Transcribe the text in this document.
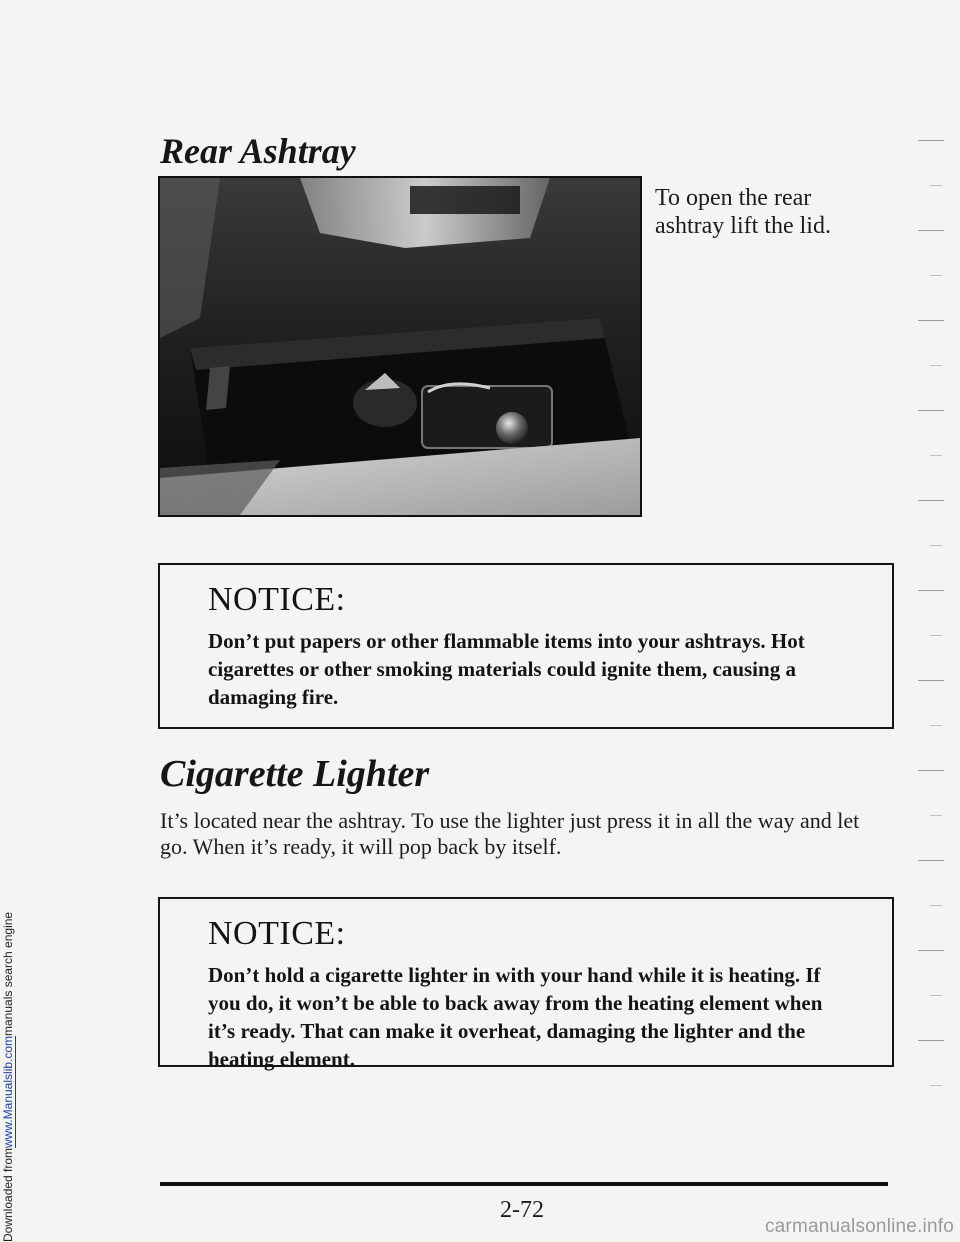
Downloaded from
www.Manualslib.com
manuals search engine
Rear Ashtray
To open the rear ashtray lift the lid.
NOTICE:

Don’t put papers or other flammable items into your ashtrays. Hot cigarettes or other smoking materials could ignite them, causing a damaging fire.

Cigarette Lighter

It’s located near the ashtray. To use the lighter just press it in all the way and let go. When it’s ready, it will pop back by itself.

NOTICE:

Don’t hold a cigarette lighter in with your hand while it is heating. If you do, it won’t be able to back away from the heating element when it’s ready. That can make it overheat, damaging the lighter and the heating element.

2-72
carmanualsonline.info
